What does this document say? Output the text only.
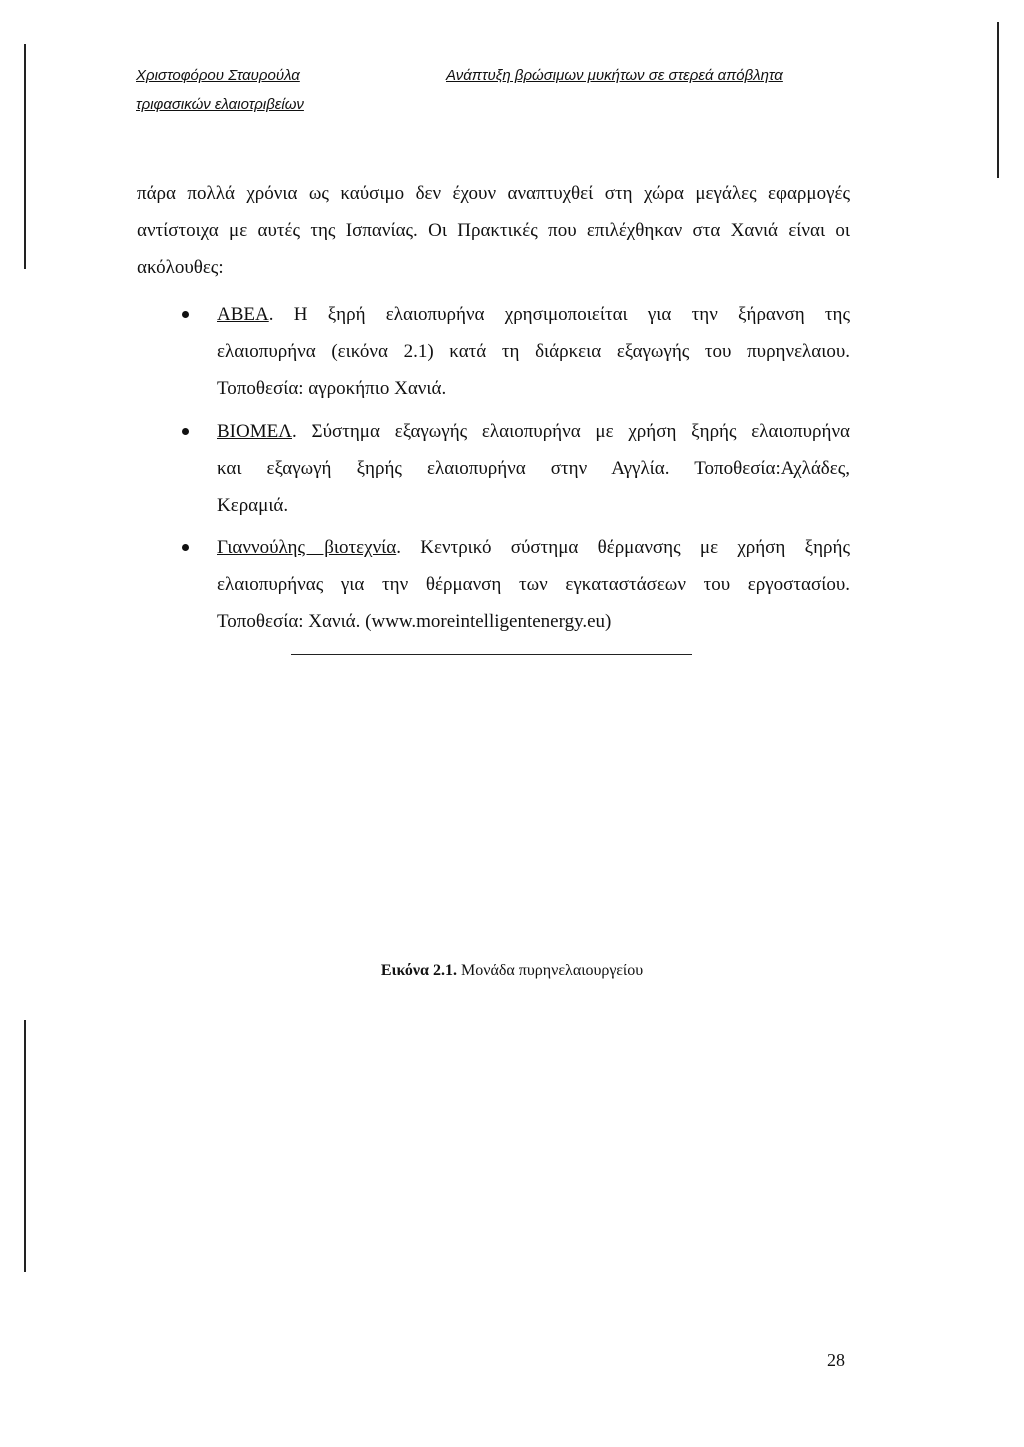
Χριστοφόρου Σταυρούλα	Ανάπτυξη βρώσιμων μυκήτων σε στερεά απόβλητα
τριφασικών ελαιοτριβείων
πάρα πολλά χρόνια ως καύσιμο δεν έχουν αναπτυχθεί στη χώρα μεγάλες εφαρμογές
αντίστοιχα με αυτές της Ισπανίας. Οι Πρακτικές που επιλέχθηκαν στα Χανιά είναι οι
ακόλουθες:
ΑΒΕΑ. Η ξηρή ελαιοπυρήνα χρησιμοποιείται για την ξήρανση της
ελαιοπυρήνα (εικόνα 2.1) κατά τη διάρκεια εξαγωγής του πυρηνελαιου.
Τοποθεσία: αγροκήπιο Χανιά.
ΒΙΟΜΕΛ. Σύστημα εξαγωγής ελαιοπυρήνα με χρήση ξηρής ελαιοπυρήνα
και εξαγωγή ξηρής ελαιοπυρήνα στην Αγγλία. Τοποθεσία:Αχλάδες,
Κεραμιά.
Γιαννούλης βιοτεχνία. Κεντρικό σύστημα θέρμανσης με χρήση ξηρής
ελαιοπυρήνας για την θέρμανση των εγκαταστάσεων του εργοστασίου.
Τοποθεσία: Χανιά. (www.moreintelligentenergy.eu)
Εικόνα 2.1. Μονάδα πυρηνελαιουργείου
28
